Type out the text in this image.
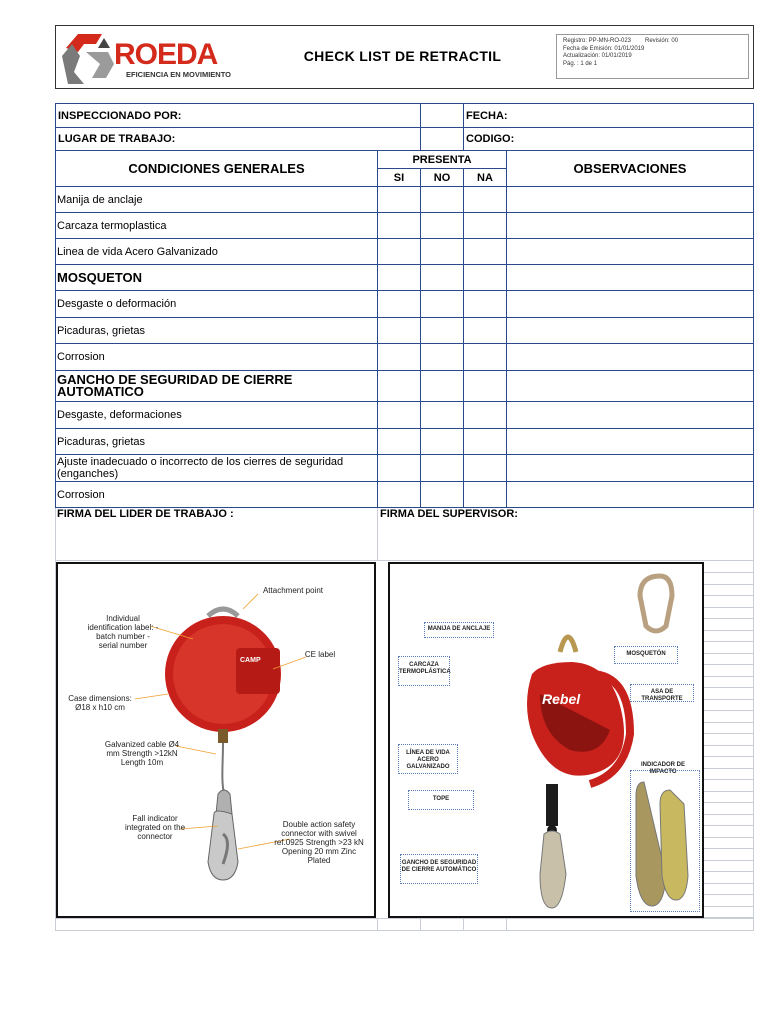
ROEDA
EFICIENCIA EN MOVIMIENTO
CHECK LIST DE RETRACTIL
Registro: PP-MN-RO-023 Revisión: 00
Fecha de Emisión: 01/01/2019
Actualización: 01/01/2019
Pág. : 1 de 1
INSPECCIONADO POR:	FECHA:
LUGAR DE TRABAJO:	CODIGO:
CONDICIONES GENERALES
PRESENTA
SI	NO	NA
OBSERVACIONES
Manija de anclaje
Carcaza termoplastica
Linea de vida Acero Galvanizado
MOSQUETON
Desgaste o deformación
Picaduras, grietas
Corrosion
GANCHO DE SEGURIDAD DE CIERRE AUTOMATICO
Desgaste, deformaciones
Picaduras, grietas
Ajuste inadecuado o incorrecto de los cierres de seguridad (enganches)
Corrosion
FIRMA DEL LIDER DE TRABAJO :	FIRMA DEL SUPERVISOR:
CAMP
Attachment point
Individual identification label: - batch number - serial number
CE label
Case dimensions: Ø18 x h10 cm
Galvanized cable Ø4 mm Strength >12kN Length 10m
Fall indicator integrated on the connector
Double action safety connector with swivel ref.0925 Strength >23 kN Opening 20 mm Zinc Plated
Rebel
MANIJA DE ANCLAJE
CARCAZA TERMOPLÁSTICA
LÍNEA DE VIDA ACERO GALVANIZADO
TOPE
GANCHO DE SEGURIDAD DE CIERRE AUTOMÁTICO
MOSQUETÓN
ASA DE TRANSPORTE
INDICADOR DE IMPACTO
